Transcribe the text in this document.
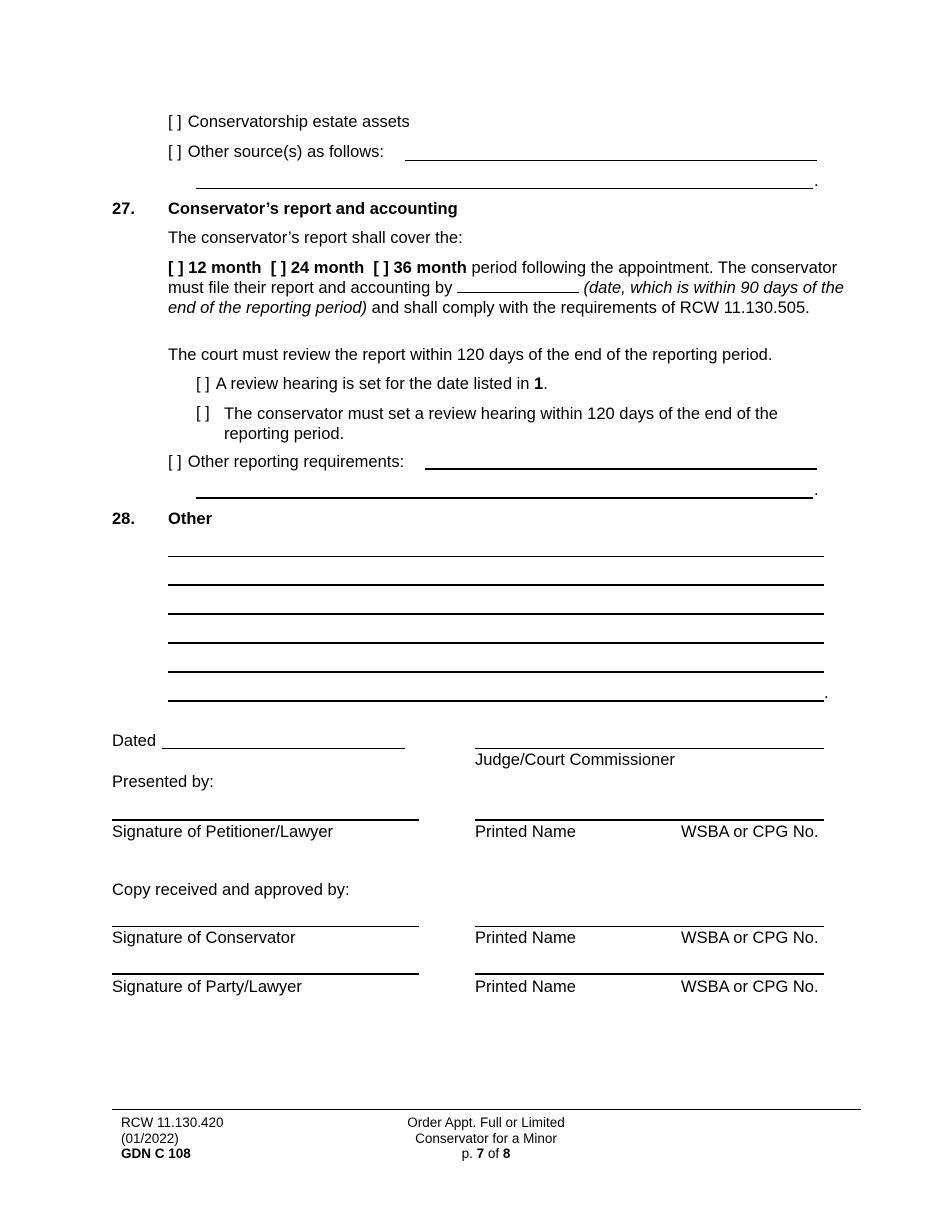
[ ] Conservatorship estate assets
[ ] Other source(s) as follows:
.
27. Conservator’s report and accounting
The conservator’s report shall cover the:
[ ] 12 month [ ] 24 month [ ] 36 month period following the appointment. The conservator must file their report and accounting by	(date, which is within 90 days of the end of the reporting period) and shall comply with the requirements of RCW 11.130.505.
The court must review the report within 120 days of the end of the reporting period.
[ ] A review hearing is set for the date listed in 1.
[ ] The conservator must set a review hearing within 120 days of the end of the reporting period.
[ ] Other reporting requirements:
.
28. Other
.
Dated
Judge/Court Commissioner
Presented by:
Signature of Petitioner/Lawyer	Printed Name	WSBA or CPG No.
Copy received and approved by:
Signature of Conservator	Printed Name	WSBA or CPG No.
Signature of Party/Lawyer	Printed Name	WSBA or CPG No.
RCW 11.130.420
(01/2022)
GDN C 108
Order Appt. Full or Limited
Conservator for a Minor
p. 7 of 8
